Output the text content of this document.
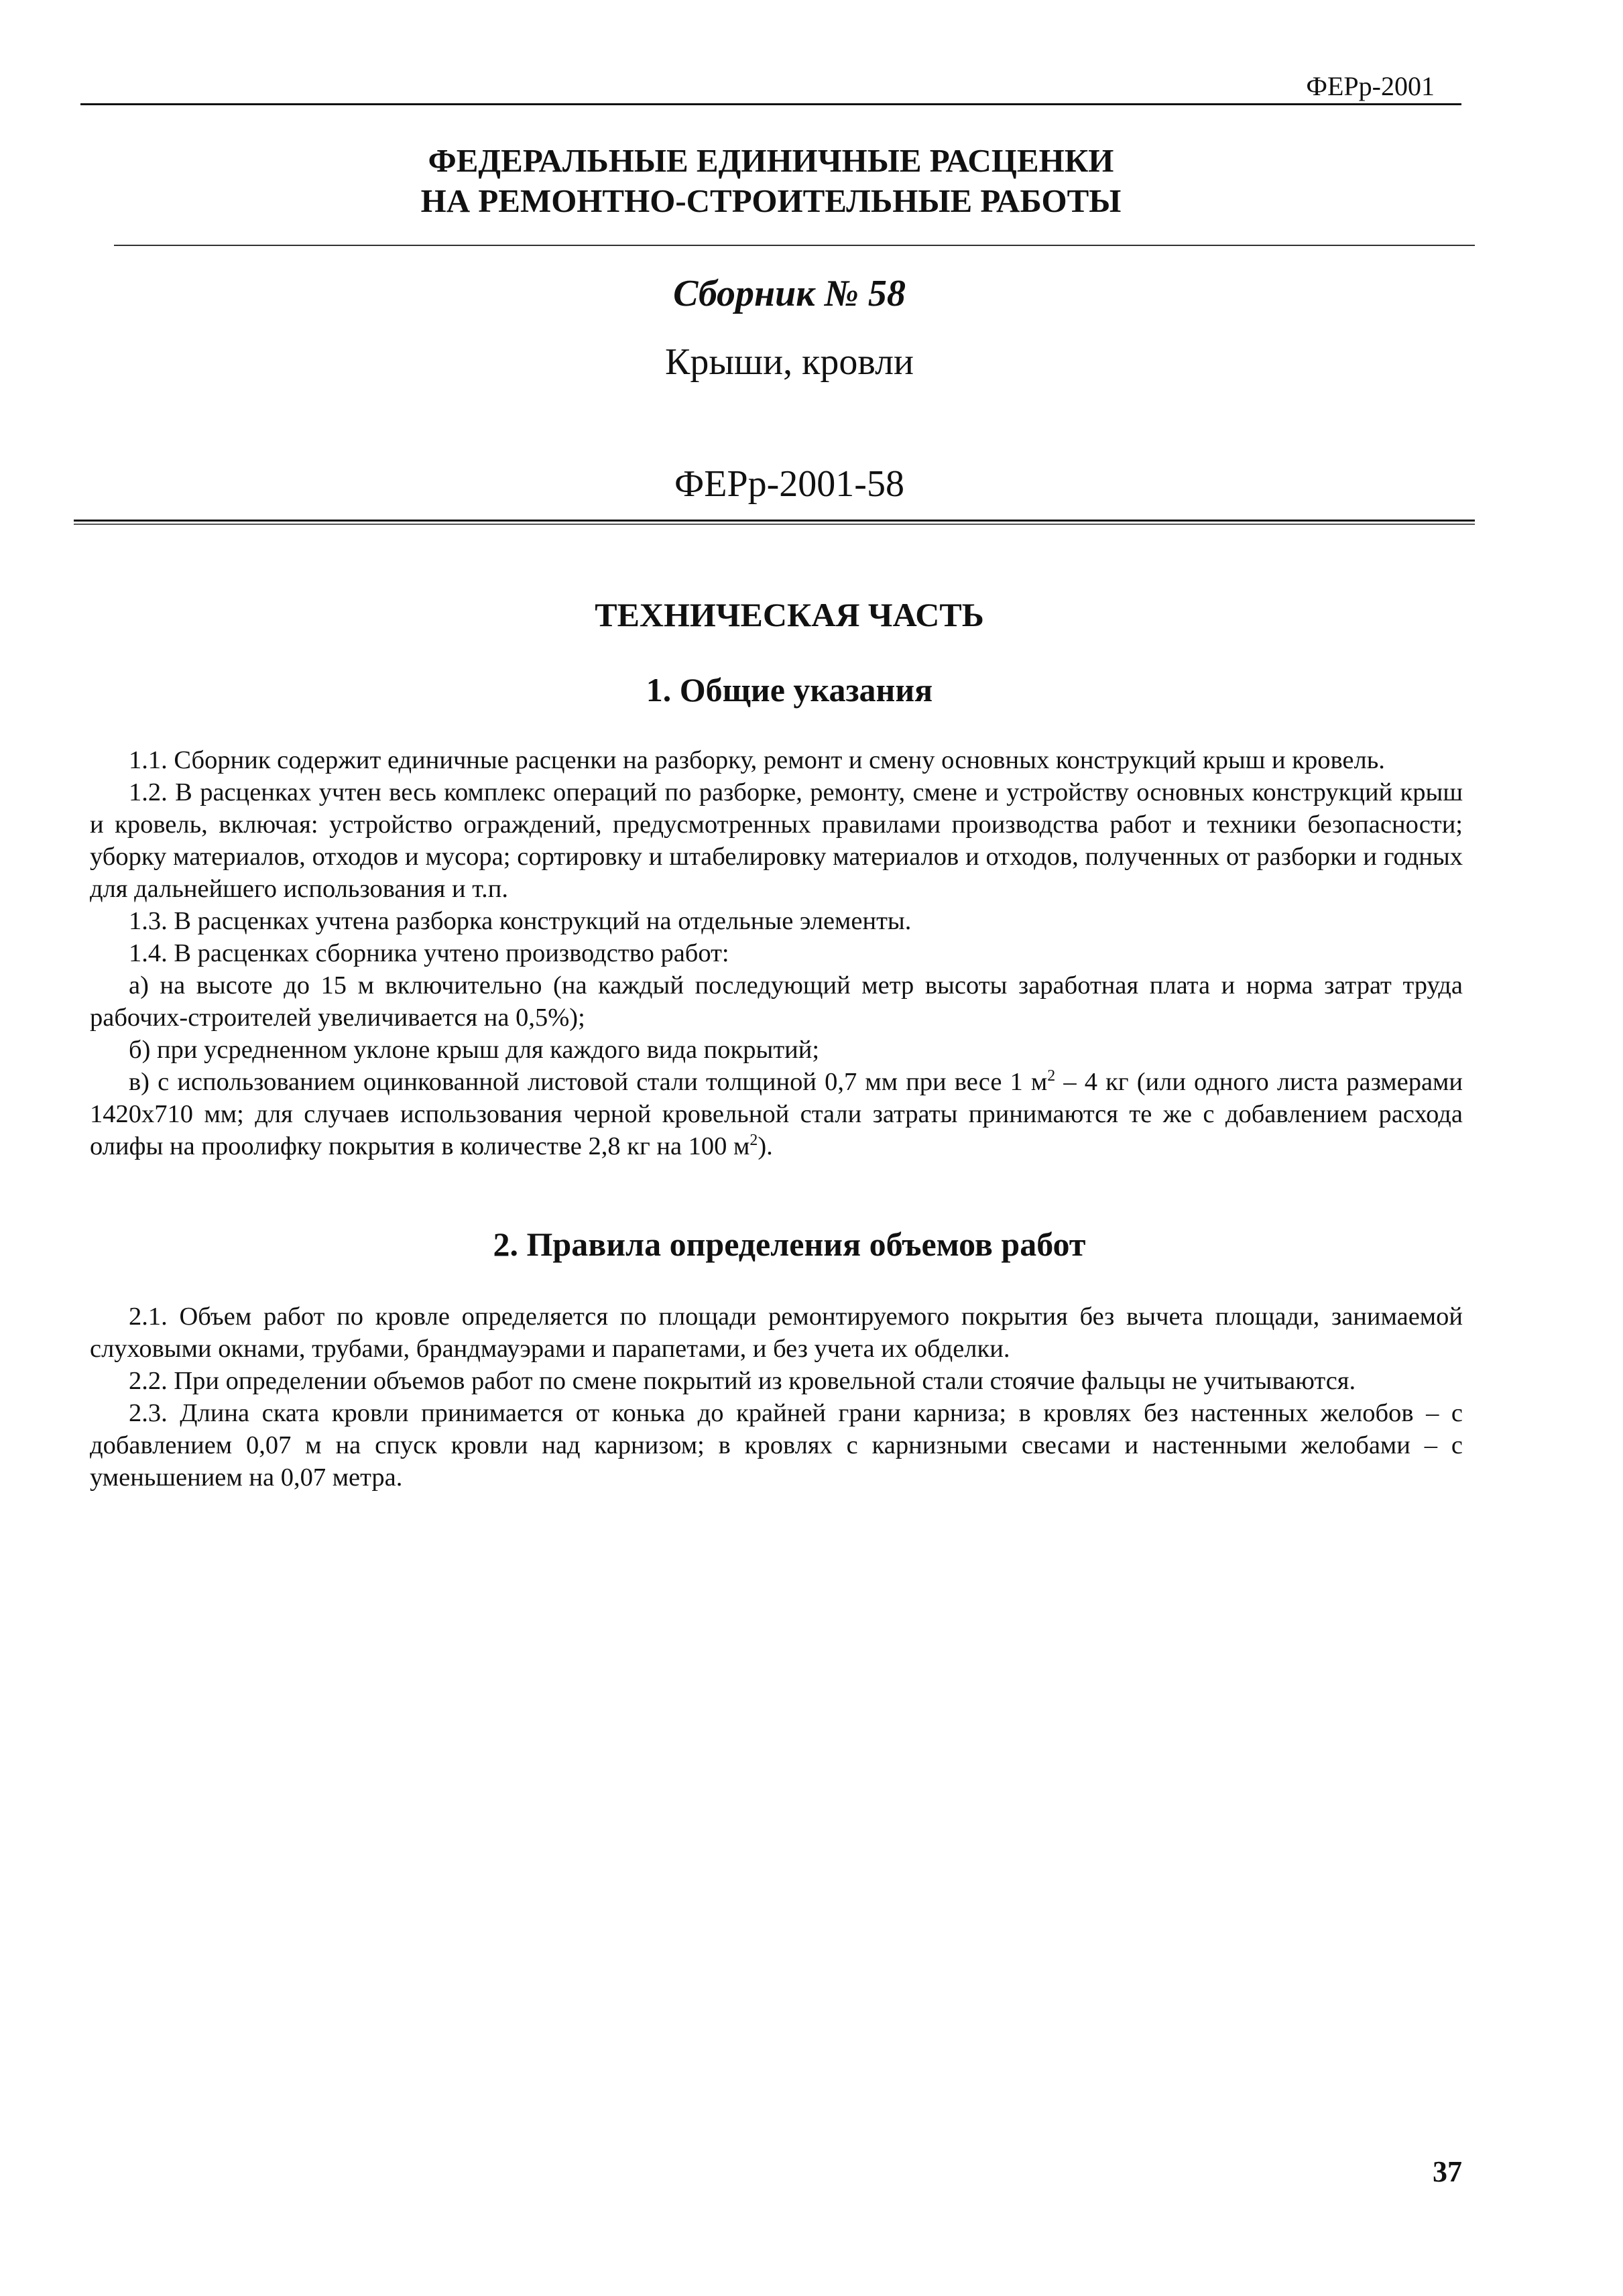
ФЕРр-2001
ФЕДЕРАЛЬНЫЕ ЕДИНИЧНЫЕ РАСЦЕНКИ
НА РЕМОНТНО-СТРОИТЕЛЬНЫЕ РАБОТЫ
Сборник № 58
Крыши, кровли
ФЕРр-2001-58
ТЕХНИЧЕСКАЯ ЧАСТЬ
1. Общие указания

1.1. Сборник содержит единичные расценки на разборку, ремонт и смену основных конструкций крыш и кровель.

1.2. В расценках учтен весь комплекс операций по разборке, ремонту, смене и устройству основных конструкций крыш и кровель, включая: устройство ограждений, предусмотренных правилами производства работ и техники безопасности; уборку материалов, отходов и мусора; сортировку и штабелировку материалов и отходов, полученных от разборки и годных для дальнейшего использования и т.п.

1.3. В расценках учтена разборка конструкций на отдельные элементы.

1.4. В расценках сборника учтено производство работ:

а) на высоте до 15 м включительно (на каждый последующий метр высоты заработная плата и норма затрат труда рабочих-строителей увеличивается на 0,5%);

б) при усредненном уклоне крыш для каждого вида покрытий;

в) с использованием оцинкованной листовой стали толщиной 0,7 мм при весе 1 $м^2 - 4$ кг (или одного листа размерами 1420х710 мм; для случаев использования черной кровельной стали затраты принимаются те же с добавлением расхода олифы на проолифку покрытия в количестве 2,8 кг на 100 $м^2$).

2. Правила определения объемов работ

2.1. Объем работ по кровле определяется по площади ремонтируемого покрытия без вычета площади, занимаемой слуховыми окнами, трубами, брандмауэрами и парапетами, и без учета их обделки.

2.2. При определении объемов работ по смене покрытий из кровельной стали стоячие фальцы не учитываются.

2.3. Длина ската кровли принимается от конька до крайней грани карниза; в кровлях без настенных желобов – с добавлением 0,07 м на спуск кровли над карнизом; в кровлях с карнизными свесами и настенными желобами – с уменьшением на 0,07 метра.

37
